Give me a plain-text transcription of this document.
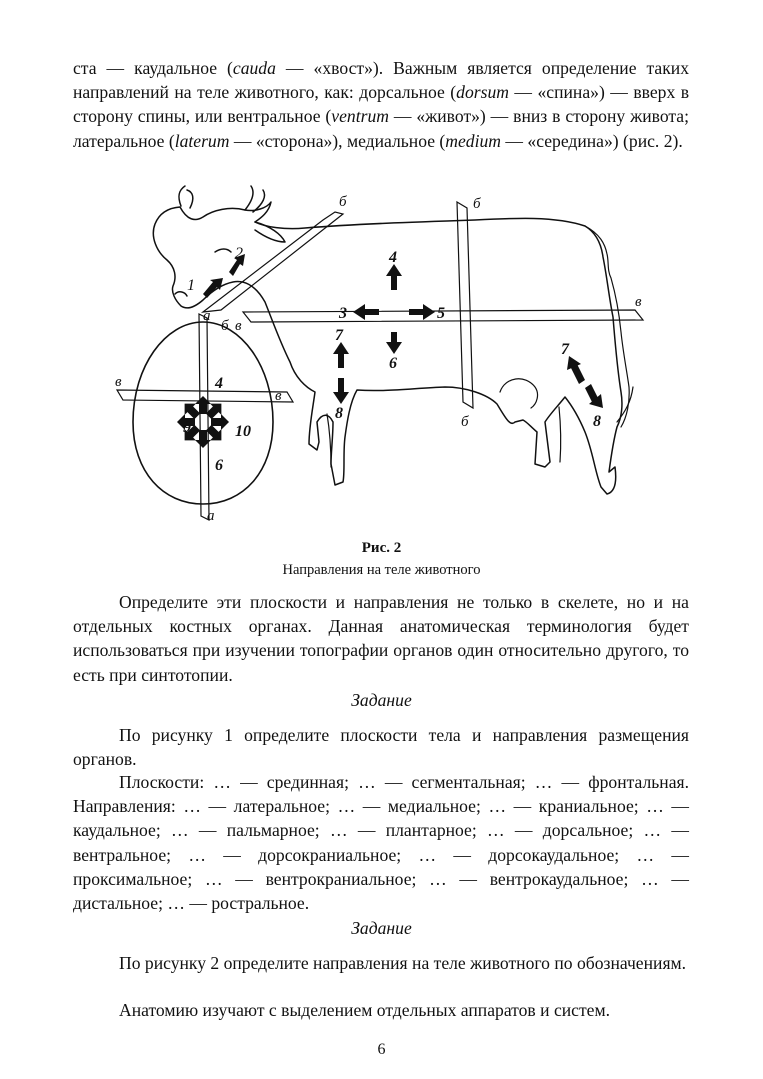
ста — каудальное (cauda — «хвост»). Важным является определение таких направлений на теле животного, как: дорсальное (dorsum — «спина») — вверх в сторону спины, или вентральное (ventrum — «живот») — вниз в сторону живота; латеральное (laterum — «сторона»), медиальное (medium — «середина») (рис. 2).

б	б
б
б в
в
в
в
а
а
1
2	4
3	5
6
7
8
7
8
4
9	10
6
Рис. 2
Направления на теле животного

Определите эти плоскости и направления не только в скелете, но и на отдельных костных органах. Данная анатомическая терминология будет использоваться при изучении топографии органов один относительно другого, то есть при синтотопии.

Задание

По рисунку 1 определите плоскости тела и направления размещения органов.

Плоскости: … — срединная; … — сегментальная; … — фронтальная. Направления: … — латеральное; … — медиальное; … — краниальное; … — каудальное; … — пальмарное; … — плантарное; … — дорсальное; … — вентральное; … — дорсокраниальное; … — дорсокаудальное; … — проксимальное; … — вентрокраниальное; … — вентрокаудальное; … — дистальное; … — рострaльное.

Задание

По рисунку 2 определите направления на теле животного по обозначениям.

Анатомию изучают с выделением отдельных аппаратов и систем.

6
